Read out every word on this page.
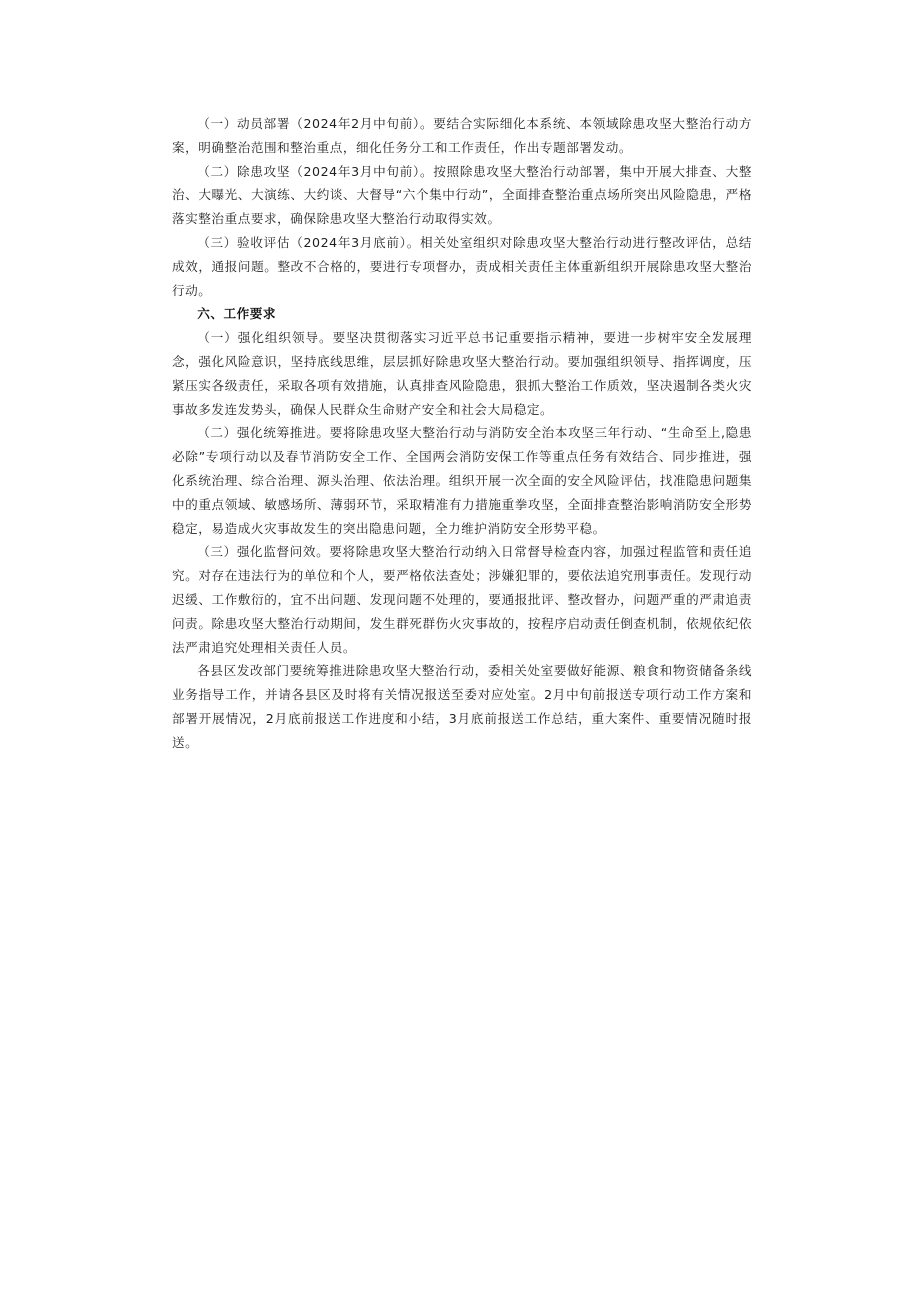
（一）动员部署（2024年2月中旬前）。要结合实际细化本系统、本领域除患攻坚大整治行动方案，明确整治范围和整治重点，细化任务分工和工作责任，作出专题部署发动。

（二）除患攻坚（2024年3月中旬前）。按照除患攻坚大整治行动部署，集中开展大排查、大整治、大曝光、大演练、大约谈、大督导“六个集中行动”，全面排查整治重点场所突出风险隐患，严格落实整治重点要求，确保除患攻坚大整治行动取得实效。

（三）验收评估（2024年3月底前）。相关处室组织对除患攻坚大整治行动进行整改评估，总结成效，通报问题。整改不合格的，要进行专项督办，责成相关责任主体重新组织开展除患攻坚大整治行动。

六、工作要求

（一）强化组织领导。要坚决贯彻落实习近平总书记重要指示精神，要进一步树牢安全发展理念，强化风险意识，坚持底线思维，层层抓好除患攻坚大整治行动。要加强组织领导、指挥调度，压紧压实各级责任，采取各项有效措施，认真排查风险隐患，狠抓大整治工作质效，坚决遏制各类火灾事故多发连发势头，确保人民群众生命财产安全和社会大局稳定。

（二）强化统筹推进。要将除患攻坚大整治行动与消防安全治本攻坚三年行动、“生命至上,隐患必除”专项行动以及春节消防安全工作、全国两会消防安保工作等重点任务有效结合、同步推进，强化系统治理、综合治理、源头治理、依法治理。组织开展一次全面的安全风险评估，找准隐患问题集中的重点领域、敏感场所、薄弱环节，采取精准有力措施重拳攻坚，全面排查整治影响消防安全形势稳定，易造成火灾事故发生的突出隐患问题，全力维护消防安全形势平稳。

（三）强化监督问效。要将除患攻坚大整治行动纳入日常督导检查内容，加强过程监管和责任追究。对存在违法行为的单位和个人，要严格依法查处；涉嫌犯罪的，要依法追究刑事责任。发现行动迟缓、工作敷衍的，宜不出问题、发现问题不处理的，要通报批评、整改督办，问题严重的严肃追责问责。除患攻坚大整治行动期间，发生群死群伤火灾事故的，按程序启动责任倒查机制，依规依纪依法严肃追究处理相关责任人员。

各县区发改部门要统筹推进除患攻坚大整治行动，委相关处室要做好能源、粮食和物资储备条线业务指导工作，并请各县区及时将有关情况报送至委对应处室。2月中旬前报送专项行动工作方案和部署开展情况，2月底前报送工作进度和小结，3月底前报送工作总结，重大案件、重要情况随时报送。
